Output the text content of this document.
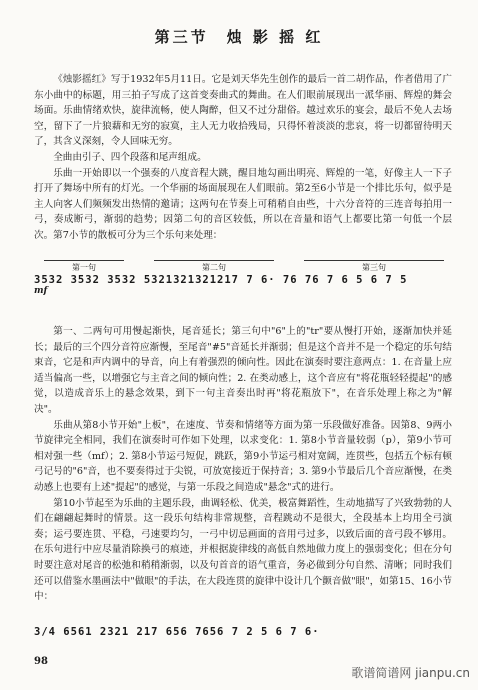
第三节　烛 影 摇 红

《烛影摇红》写于1932年5月11日。它是刘天华先生创作的最后一首二胡作品，作者借用了广东小曲中的标题，用三拍子写成了这首变奏曲式的舞曲。在人们眼前展现出一派华丽、辉煌的舞会场面。乐曲情绪欢快，旋律流畅，使人陶醉，但又不过分甜俗。越过欢乐的宴会，最后不免人去场空，留下了一片狼藉和无穷的寂寞，主人无力收拾残局，只得怀着淡淡的悲哀，将一切都留待明天了，其含义深刻，令人回味无穷。

全曲由引子、四个段落和尾声组成。

乐曲一开始即以一个强奏的八度音程大跳，醒目地勾画出明亮、辉煌的一笔，好像主人一下子打开了舞场中所有的灯光。一个华丽的场面展现在人们眼前。第2至6小节是一个排比乐句，似乎是主人向客人们频频发出热情的邀请；这两句在节奏上可稍稍自由些，十六分音符的三连音每拍用一弓，奏成断弓，渐弱的趋势；因第二句的音区较低，所以在音量和语气上都要比第一句低一个层次。第7小节的散板可分为三个乐句来处理：

第一句	第二句	第三句
3532 3532 3532 5321321321217 7 6· 76 76 7 6 5 6 7 5
mf

第一、二两句可用慢起渐快，尾音延长；第三句中"6"上的"tr"要从慢打开始，逐渐加快并延长；最后的三个四分音符应渐慢，至尾音"#5"音延长并渐弱；但是这个音并不是一个稳定的乐句结束音，它是和声内调中的导音，向上有着强烈的倾向性。因此在演奏时要注意两点：1. 在音量上应适当偏高一些，以增强它与主音之间的倾向性；2. 在类动感上，这个音应有"将花瓶轻轻提起"的感觉，以造成音乐上的悬念效果，到下一句主音奏出时再"将花瓶放下"，在音乐处理上称之为"解决"。

乐曲从第8小节开始"上板"，在速度、节奏和情绪等方面为第一乐段做好准备。因第8、9两小节旋律完全相同，我们在演奏时可作如下处理，以求变化：1. 第8小节音量较弱（p），第9小节可相对强一些（mf）；2. 第8小节运弓短促，跳跃，第9小节运弓相对宽阔，连贯些，包括五个标有顿弓记号的"6"音，也不要奏得过于尖锐，可放宽接近于保持音；3. 第9小节最后几个音应渐慢，在类动感上也要有上述"提起"的感觉，与第一乐段之间造成"悬念"式的进行。

第10小节起至为乐曲的主题乐段，曲调轻松、优美，极富舞蹈性，生动地描写了兴致勃勃的人们在翩翩起舞时的情景。这一段乐句结构非常规整，音程跳动不是很大，全段基本上均用全弓演奏；运弓要连贯、平稳，弓速要均匀，一弓中切忌画面的音用弓过多，以致后面的音弓段不够用。在乐句进行中应尽量消除换弓的痕迹，并根据旋律线的高低自然地做力度上的强弱变化；但在分句时要注意对尾音的松弛和稍稍渐弱，以及句首音的语气重音，务必做到分句自然、清晰；同时我们还可以借鉴水墨画法中"做眼"的手法，在大段连贯的旋律中设计几个颤音做"眼"，如第15、16小节中：

3/4 6561 2321 217 656 7656 7 2 5 6 7 6·
98
歌谱简谱网 jianpu.cn
